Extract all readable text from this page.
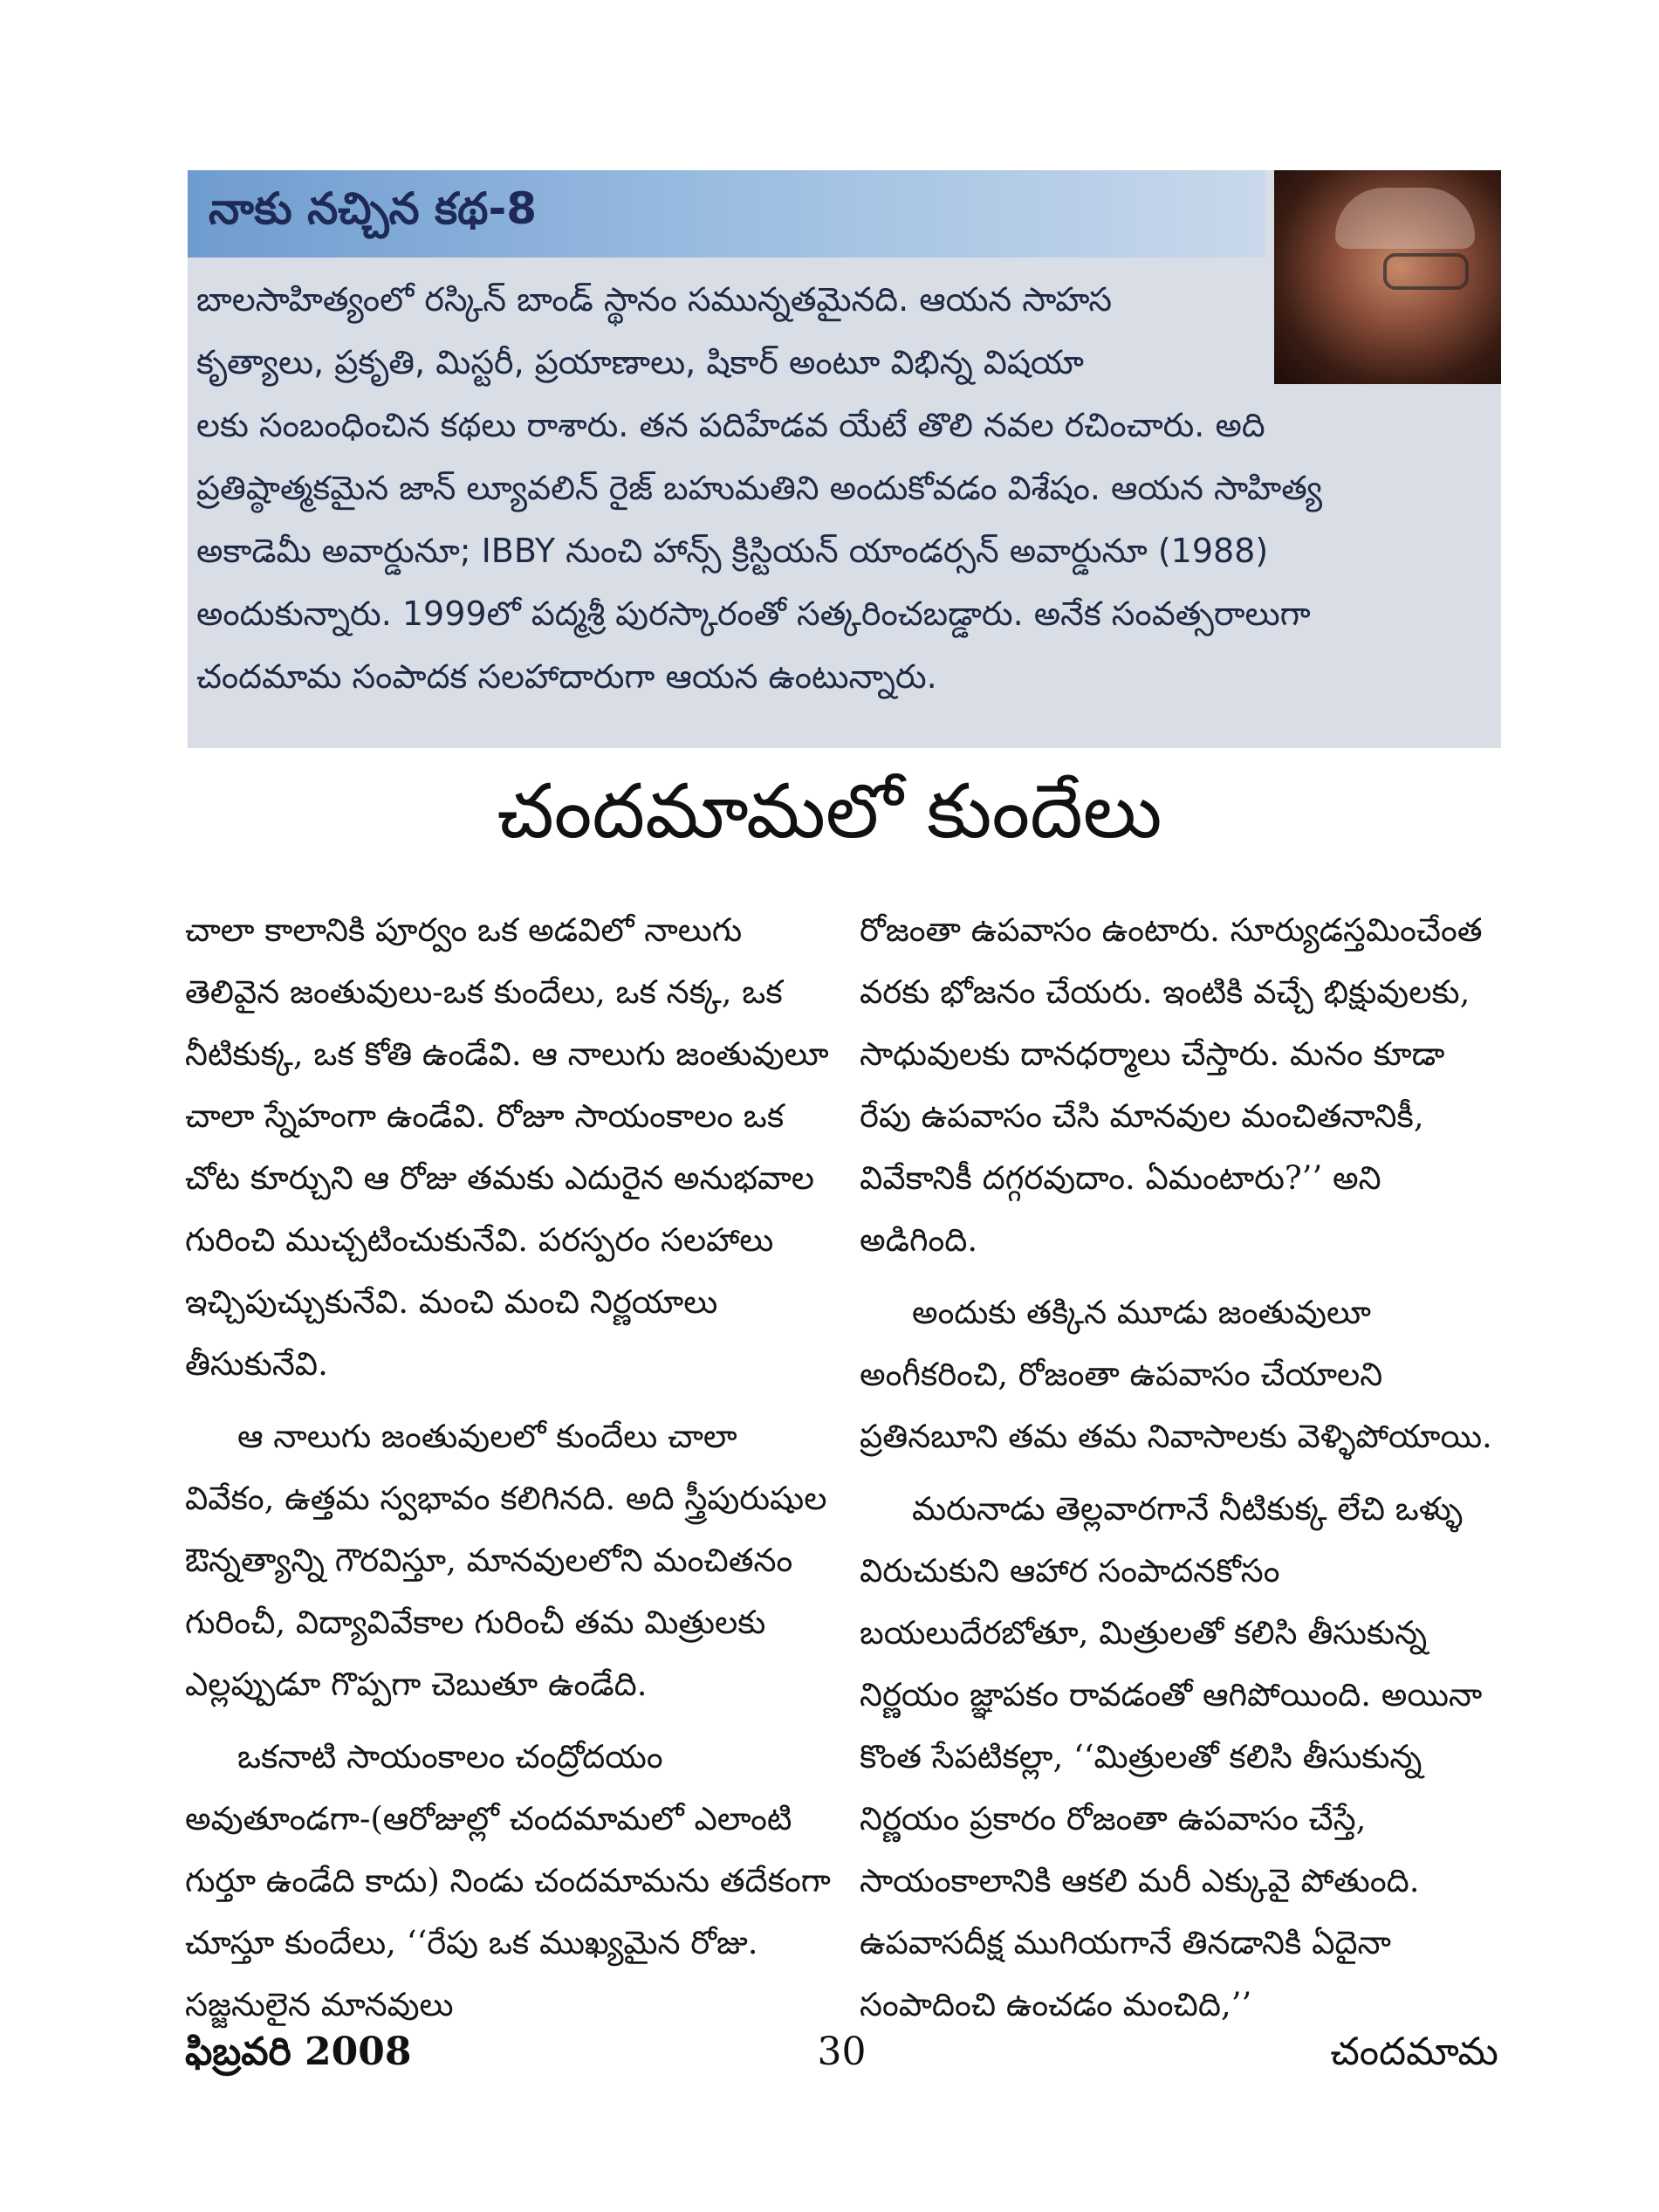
నాకు నచ్చిన కథ-8
బాలసాహిత్యంలో రస్కిన్ బాండ్ స్థానం సమున్నతమైనది. ఆయన సాహస
కృత్యాలు, ప్రకృతి, మిస్టరీ, ప్రయాణాలు, షికార్ అంటూ విభిన్న విషయా
లకు సంబంధించిన కథలు రాశారు. తన పదిహేడవ యేటే తొలి నవల రచించారు. అది
ప్రతిష్ఠాత్మకమైన జాన్ ల్యూవలిన్ రైజ్ బహుమతిని అందుకోవడం విశేషం. ఆయన సాహిత్య
అకాడెమీ అవార్డునూ; IBBY నుంచి హాన్స్ క్రిస్టియన్ యాండర్సన్ అవార్డునూ (1988)
అందుకున్నారు. 1999లో పద్మశ్రీ పురస్కారంతో సత్కరించబడ్డారు. అనేక సంవత్సరాలుగా
చందమామ సంపాదక సలహాదారుగా ఆయన ఉంటున్నారు.
చందమామలో కుందేలు

చాలా కాలానికి పూర్వం ఒక అడవిలో నాలుగు తెలివైన జంతువులు-ఒక కుందేలు, ఒక నక్క, ఒక నీటికుక్క, ఒక కోతి ఉండేవి. ఆ నాలుగు జంతువులూ చాలా స్నేహంగా ఉండేవి. రోజూ సాయంకాలం ఒక చోట కూర్చుని ఆ రోజు తమకు ఎదురైన అనుభవాల గురించి ముచ్చటించుకునేవి. పరస్పరం సలహాలు ఇచ్చిపుచ్చుకునేవి. మంచి మంచి నిర్ణయాలు తీసుకునేవి.

ఆ నాలుగు జంతువులలో కుందేలు చాలా వివేకం, ఉత్తమ స్వభావం కలిగినది. అది స్త్రీపురుషుల ఔన్నత్యాన్ని గౌరవిస్తూ, మానవులలోని మంచితనం గురించీ, విద్యావివేకాల గురించీ తమ మిత్రులకు ఎల్లప్పుడూ గొప్పగా చెబుతూ ఉండేది.

ఒకనాటి సాయంకాలం చంద్రోదయం అవుతూండగా-(ఆరోజుల్లో చందమామలో ఎలాంటి గుర్తూ ఉండేది కాదు) నిండు చందమామను తదేకంగా చూస్తూ కుందేలు, ‘‘రేపు ఒక ముఖ్యమైన రోజు. సజ్జనులైన మానవులు

రోజంతా ఉపవాసం ఉంటారు. సూర్యుడస్తమించేంత వరకు భోజనం చేయరు. ఇంటికి వచ్చే భిక్షువులకు, సాధువులకు దానధర్మాలు చేస్తారు. మనం కూడా రేపు ఉపవాసం చేసి మానవుల మంచితనానికీ, వివేకానికీ దగ్గరవుదాం. ఏమంటారు?’’ అని అడిగింది.

అందుకు తక్కిన మూడు జంతువులూ అంగీకరించి, రోజంతా ఉపవాసం చేయాలని ప్రతినబూని తమ తమ నివాసాలకు వెళ్ళిపోయాయి.

మరునాడు తెల్లవారగానే నీటికుక్క లేచి ఒళ్ళు విరుచుకుని ఆహార సంపాదనకోసం బయలుదేరబోతూ, మిత్రులతో కలిసి తీసుకున్న నిర్ణయం జ్ఞాపకం రావడంతో ఆగిపోయింది. అయినా కొంత సేపటికల్లా, ‘‘మిత్రులతో కలిసి తీసుకున్న నిర్ణయం ప్రకారం రోజంతా ఉపవాసం చేస్తే, సాయంకాలానికి ఆకలి మరీ ఎక్కువై పోతుంది. ఉపవాసదీక్ష ముగియగానే తినడానికి ఏదైనా సంపాదించి ఉంచడం మంచిది,’’

ఫిబ్రవరి 2008	30	చందమామ
